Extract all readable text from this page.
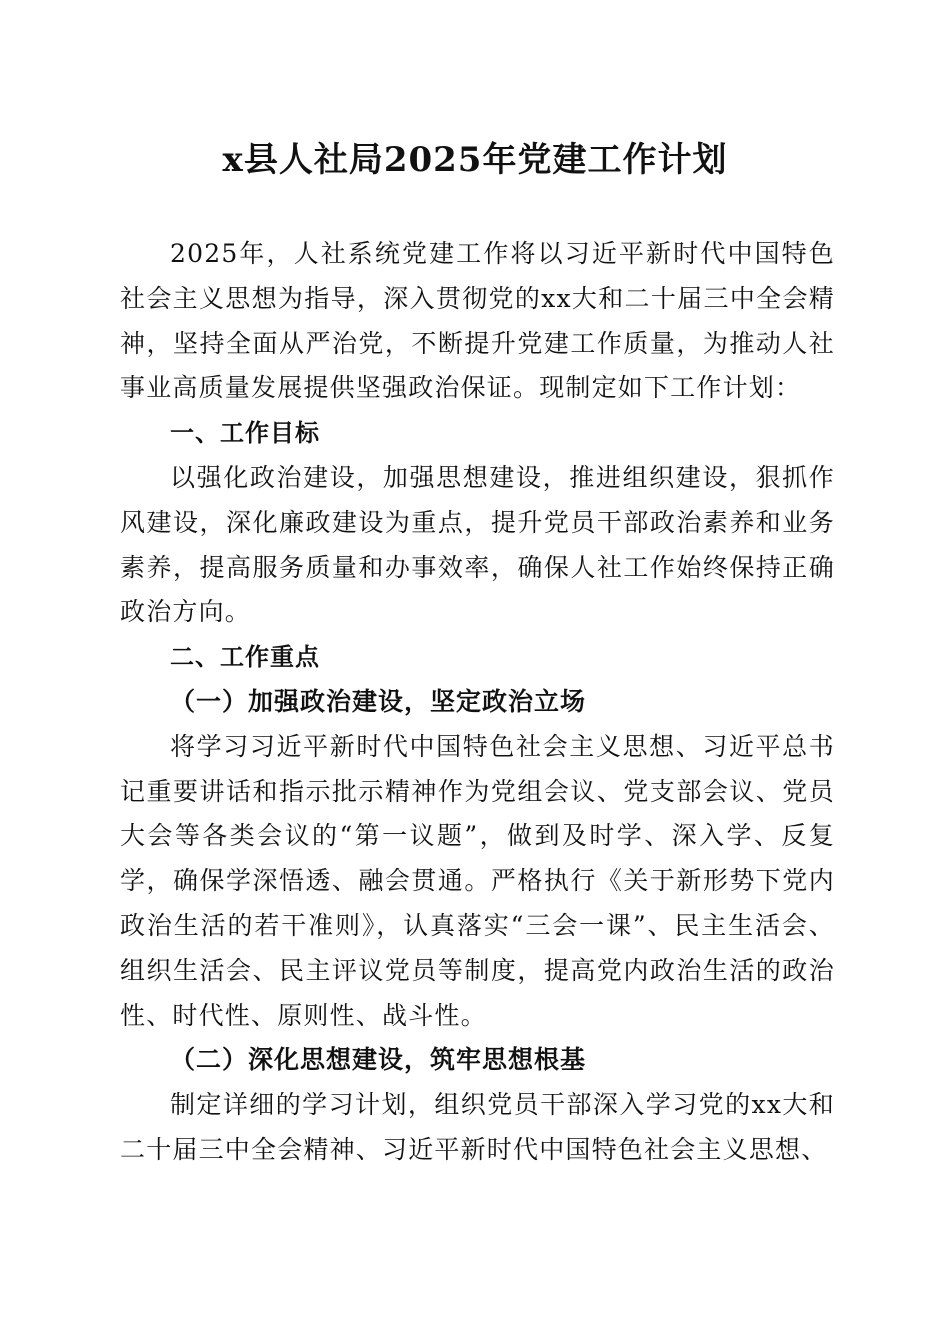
x县人社局2025年党建工作计划

2025年，人社系统党建工作将以习近平新时代中国特色社会主义思想为指导，深入贯彻党的xx大和二十届三中全会精神，坚持全面从严治党，不断提升党建工作质量，为推动人社事业高质量发展提供坚强政治保证。现制定如下工作计划：

一、工作目标

以强化政治建设，加强思想建设，推进组织建设，狠抓作风建设，深化廉政建设为重点，提升党员干部政治素养和业务素养，提高服务质量和办事效率，确保人社工作始终保持正确政治方向。

二、工作重点

（一）加强政治建设，坚定政治立场

将学习习近平新时代中国特色社会主义思想、习近平总书记重要讲话和指示批示精神作为党组会议、党支部会议、党员大会等各类会议的“第一议题”，做到及时学、深入学、反复学，确保学深悟透、融会贯通。严格执行《关于新形势下党内政治生活的若干准则》，认真落实“三会一课”、民主生活会、组织生活会、民主评议党员等制度，提高党内政治生活的政治性、时代性、原则性、战斗性。

（二）深化思想建设，筑牢思想根基

制定详细的学习计划，组织党员干部深入学习党的xx大和二十届三中全会精神、习近平新时代中国特色社会主义思想、
